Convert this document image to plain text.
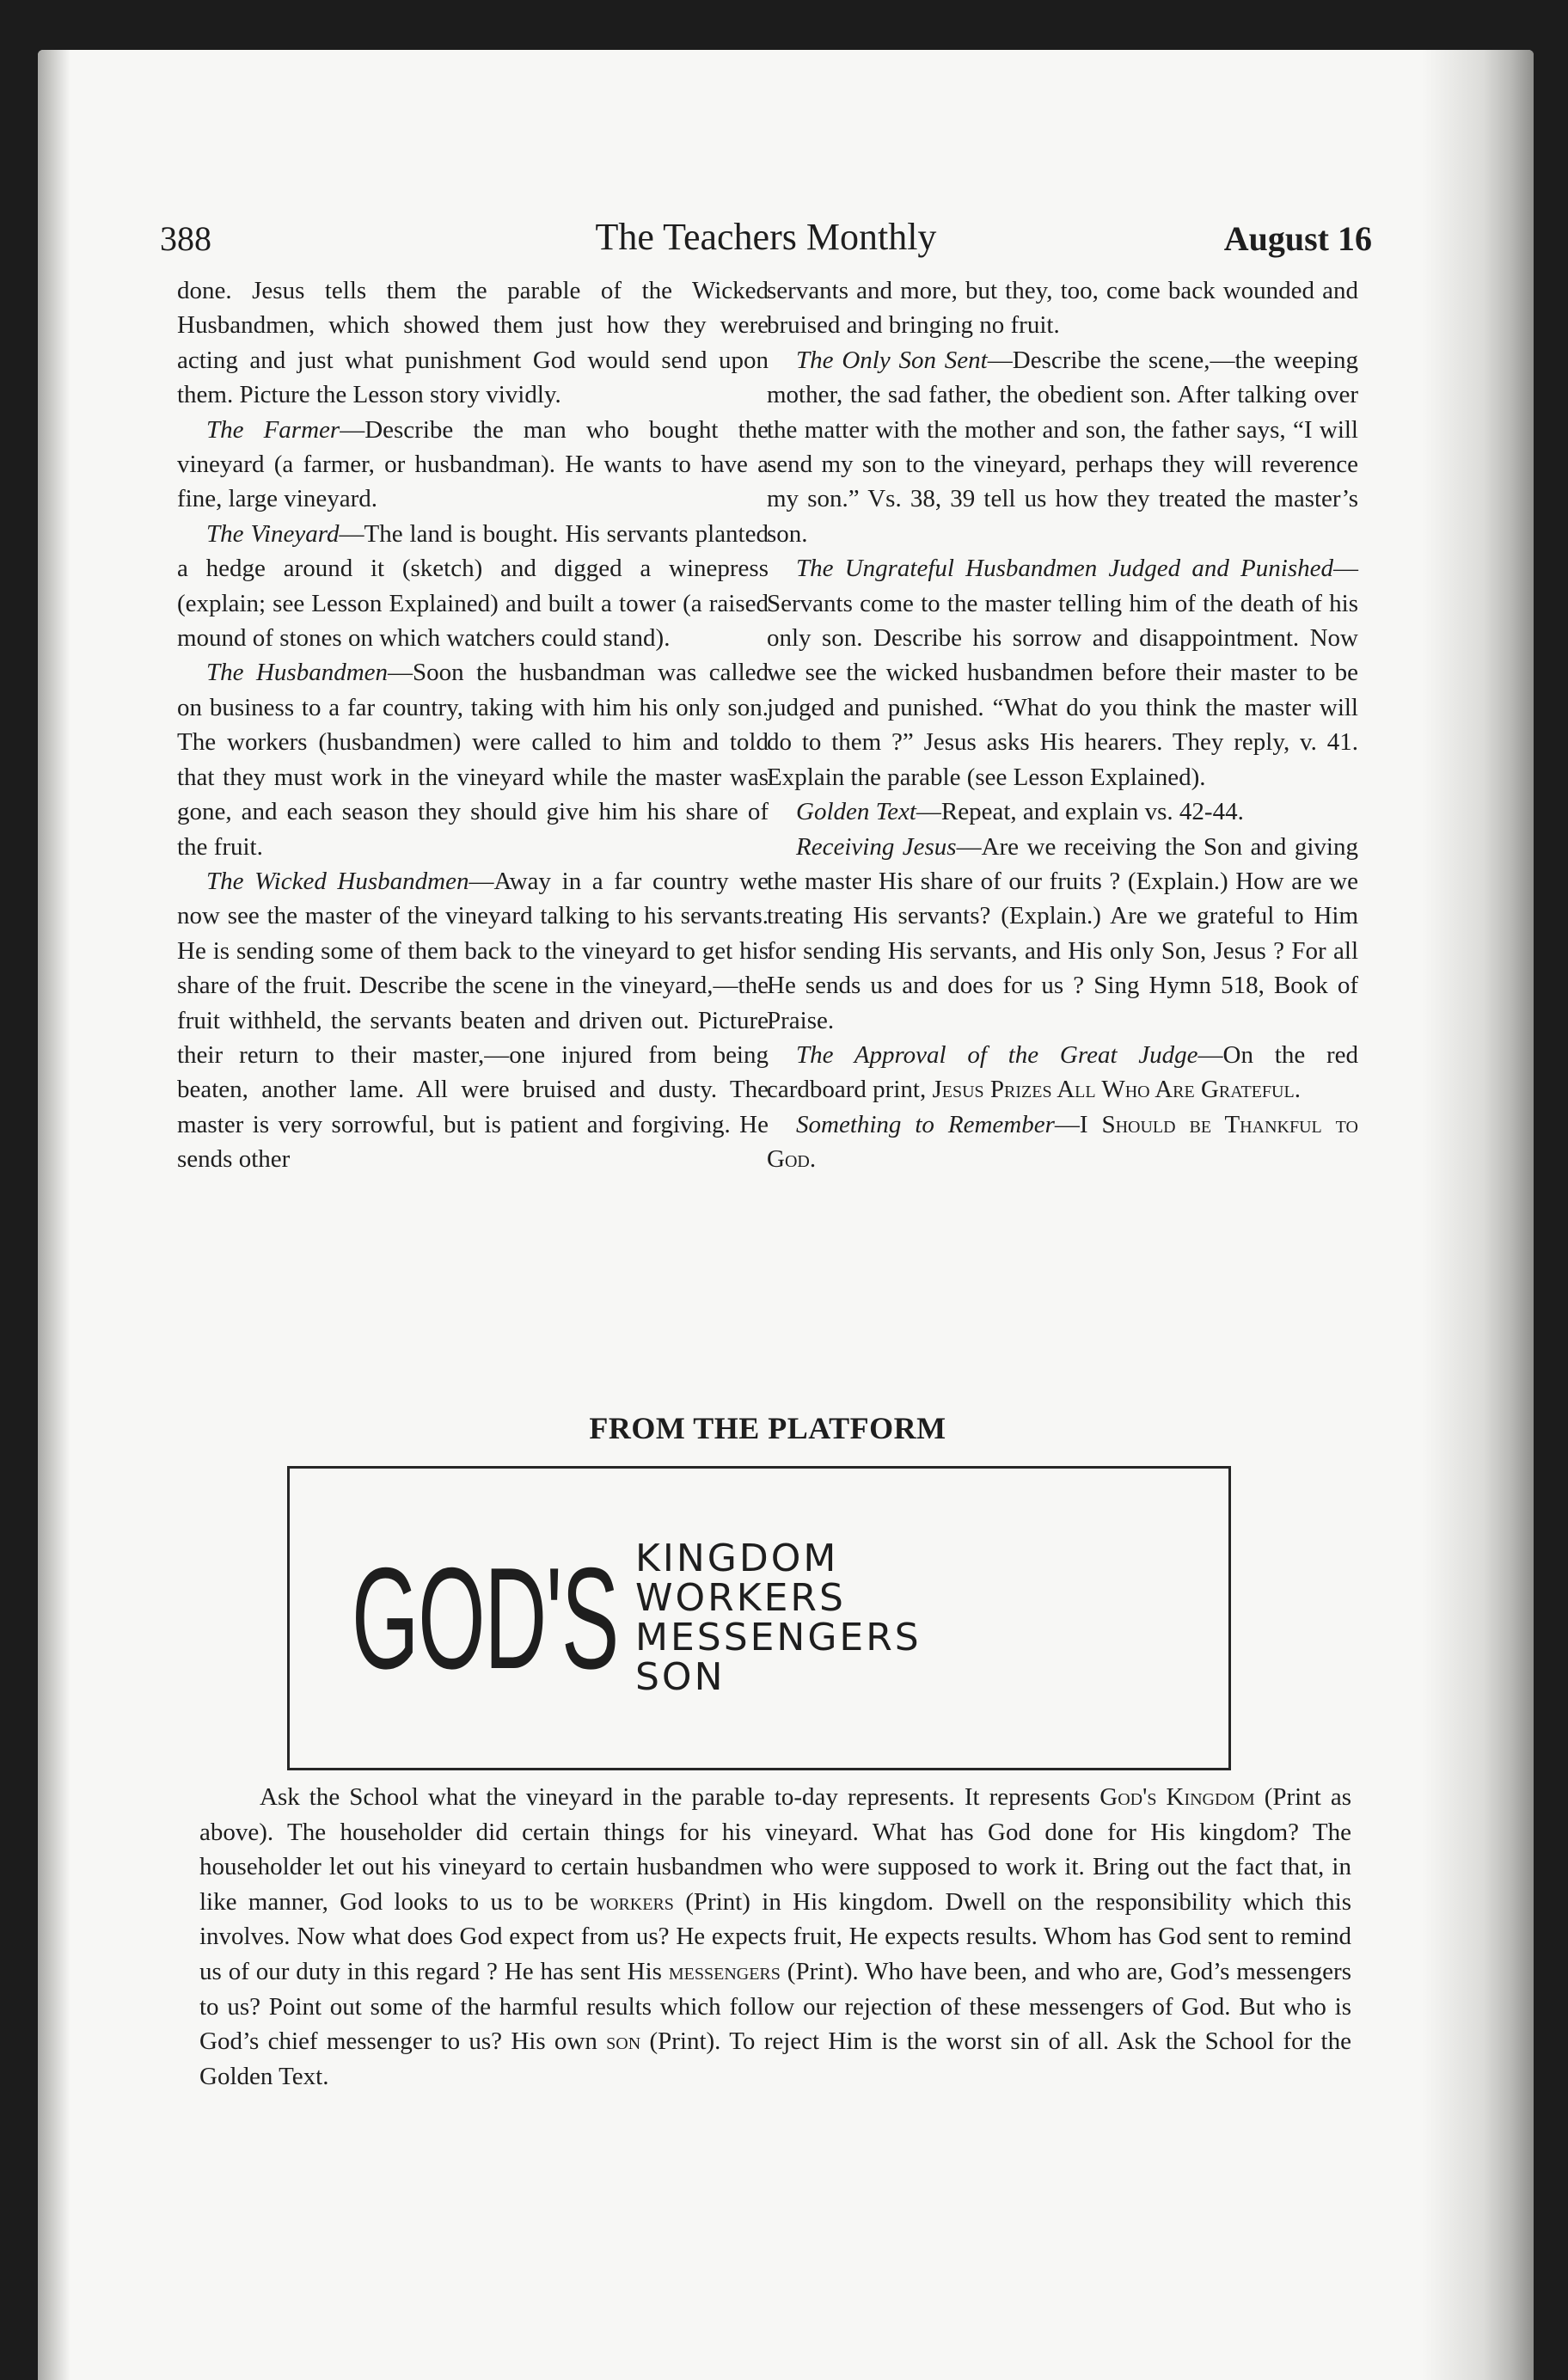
388	The Teachers Monthly	August 16

done. Jesus tells them the parable of the Wicked Husbandmen, which showed them just how they were acting and just what punishment God would send upon them. Picture the Lesson story vividly.

The Farmer—Describe the man who bought the vineyard (a farmer, or husbandman). He wants to have a fine, large vineyard.

The Vineyard—The land is bought. His servants planted a hedge around it (sketch) and digged a winepress (explain; see Lesson Explained) and built a tower (a raised mound of stones on which watchers could stand).

The Husbandmen—Soon the husbandman was called on business to a far country, taking with him his only son. The workers (husbandmen) were called to him and told that they must work in the vineyard while the master was gone, and each season they should give him his share of the fruit.

The Wicked Husbandmen—Away in a far country we now see the master of the vineyard talking to his servants. He is sending some of them back to the vineyard to get his share of the fruit. Describe the scene in the vineyard,—the fruit withheld, the servants beaten and driven out. Picture their return to their master,—one injured from being beaten, another lame. All were bruised and dusty. The master is very sorrowful, but is patient and forgiving. He sends other

servants and more, but they, too, come back wounded and bruised and bringing no fruit.

The Only Son Sent—Describe the scene,—the weeping mother, the sad father, the obedient son. After talking over the matter with the mother and son, the father says, “I will send my son to the vineyard, perhaps they will reverence my son.” Vs. 38, 39 tell us how they treated the master’s son.

The Ungrateful Husbandmen Judged and Punished—Servants come to the master telling him of the death of his only son. Describe his sorrow and disappointment. Now we see the wicked husbandmen before their master to be judged and punished. “What do you think the master will do to them ?” Jesus asks His hearers. They reply, v. 41. Explain the parable (see Lesson Explained).

Golden Text—Repeat, and explain vs. 42-44.

Receiving Jesus—Are we receiving the Son and giving the master His share of our fruits ? (Explain.) How are we treating His servants? (Explain.) Are we grateful to Him for sending His servants, and His only Son, Jesus ? For all He sends us and does for us ? Sing Hymn 518, Book of Praise.

The Approval of the Great Judge—On the red cardboard print, Jesus Prizes All Who Are Grateful.

Something to Remember—I Should be Thankful to God.

FROM THE PLATFORM
GOD'S KINGDOM
WORKERS
MESSENGERS
SON
Ask the School what the vineyard in the parable to-day represents. It represents God's Kingdom (Print as above). The householder did certain things for his vineyard. What has God done for His kingdom? The householder let out his vineyard to certain husbandmen who were supposed to work it. Bring out the fact that, in like manner, God looks to us to be workers (Print) in His kingdom. Dwell on the responsibility which this involves. Now what does God expect from us? He expects fruit, He expects results. Whom has God sent to remind us of our duty in this regard ? He has sent His messengers (Print). Who have been, and who are, God’s messengers to us? Point out some of the harmful results which follow our rejection of these messengers of God. But who is God’s chief messenger to us? His own son (Print). To reject Him is the worst sin of all. Ask the School for the Golden Text.
